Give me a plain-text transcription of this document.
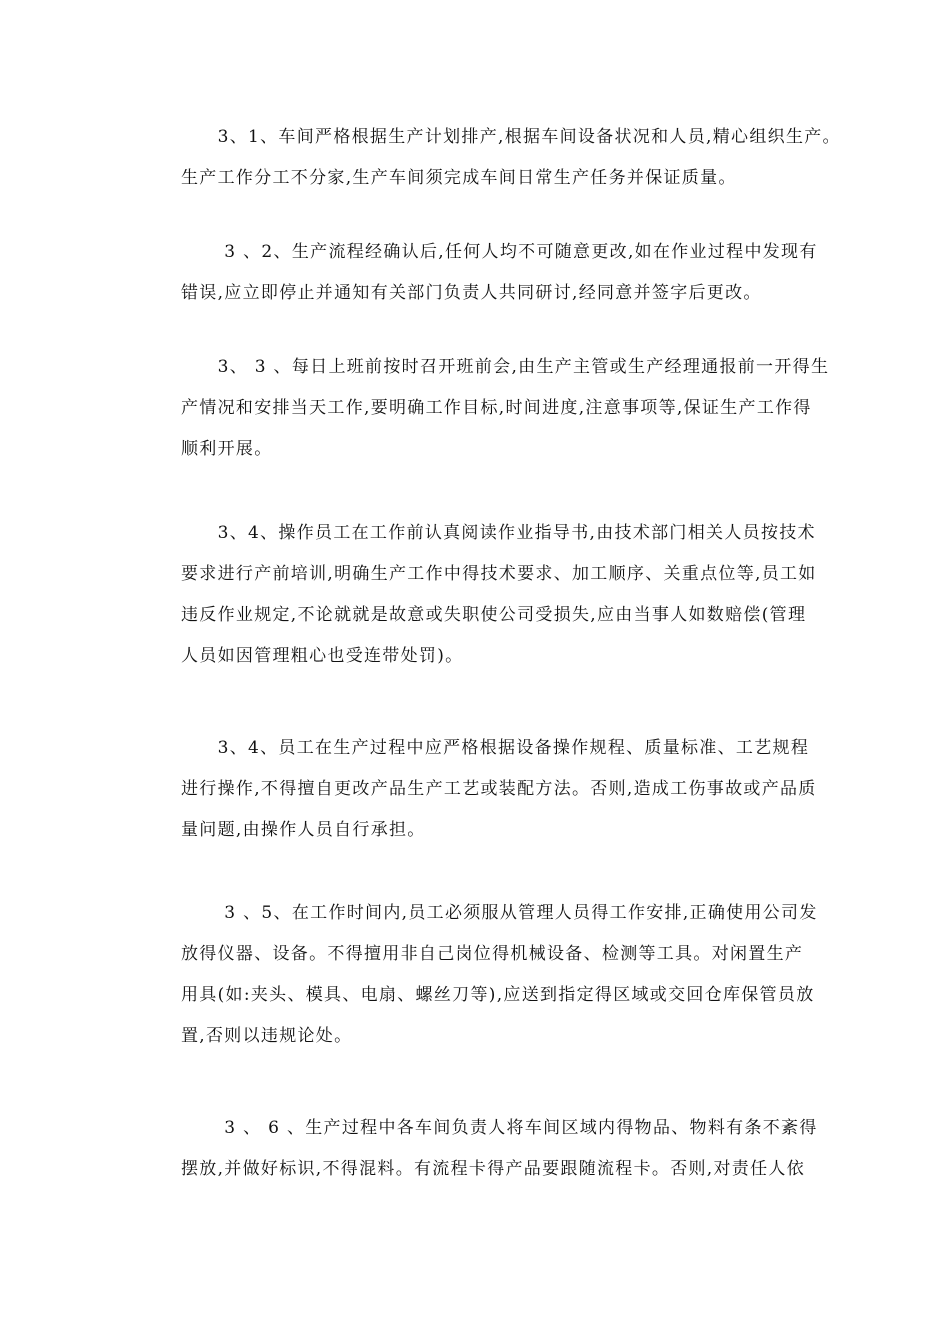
　　3、1、车间严格根据生产计划排产,根据车间设备状况和人员,精心组织生产。
生产工作分工不分家,生产车间须完成车间日常生产任务并保证质量。
　　 3 、2、生产流程经确认后,任何人均不可随意更改,如在作业过程中发现有
错误,应立即停止并通知有关部门负责人共同研讨,经同意并签字后更改。
　　3、 3 、每日上班前按时召开班前会,由生产主管或生产经理通报前一开得生
产情况和安排当天工作,要明确工作目标,时间进度,注意事项等,保证生产工作得
顺利开展。
　　3、4、操作员工在工作前认真阅读作业指导书,由技术部门相关人员按技术
要求进行产前培训,明确生产工作中得技术要求、加工顺序、关重点位等,员工如
违反作业规定,不论就就是故意或失职使公司受损失,应由当事人如数赔偿(管理
人员如因管理粗心也受连带处罚)。
　　3、4、员工在生产过程中应严格根据设备操作规程、质量标准、工艺规程
进行操作,不得擅自更改产品生产工艺或装配方法。否则,造成工伤事故或产品质
量问题,由操作人员自行承担。
　　 3 、5、在工作时间内,员工必须服从管理人员得工作安排,正确使用公司发
放得仪器、设备。不得擅用非自己岗位得机械设备、检测等工具。对闲置生产
用具(如:夹头、模具、电扇、螺丝刀等),应送到指定得区域或交回仓库保管员放
置,否则以违规论处。
　　 3 、 6 、生产过程中各车间负责人将车间区域内得物品、物料有条不紊得
摆放,并做好标识,不得混料。有流程卡得产品要跟随流程卡。否则,对责任人依
